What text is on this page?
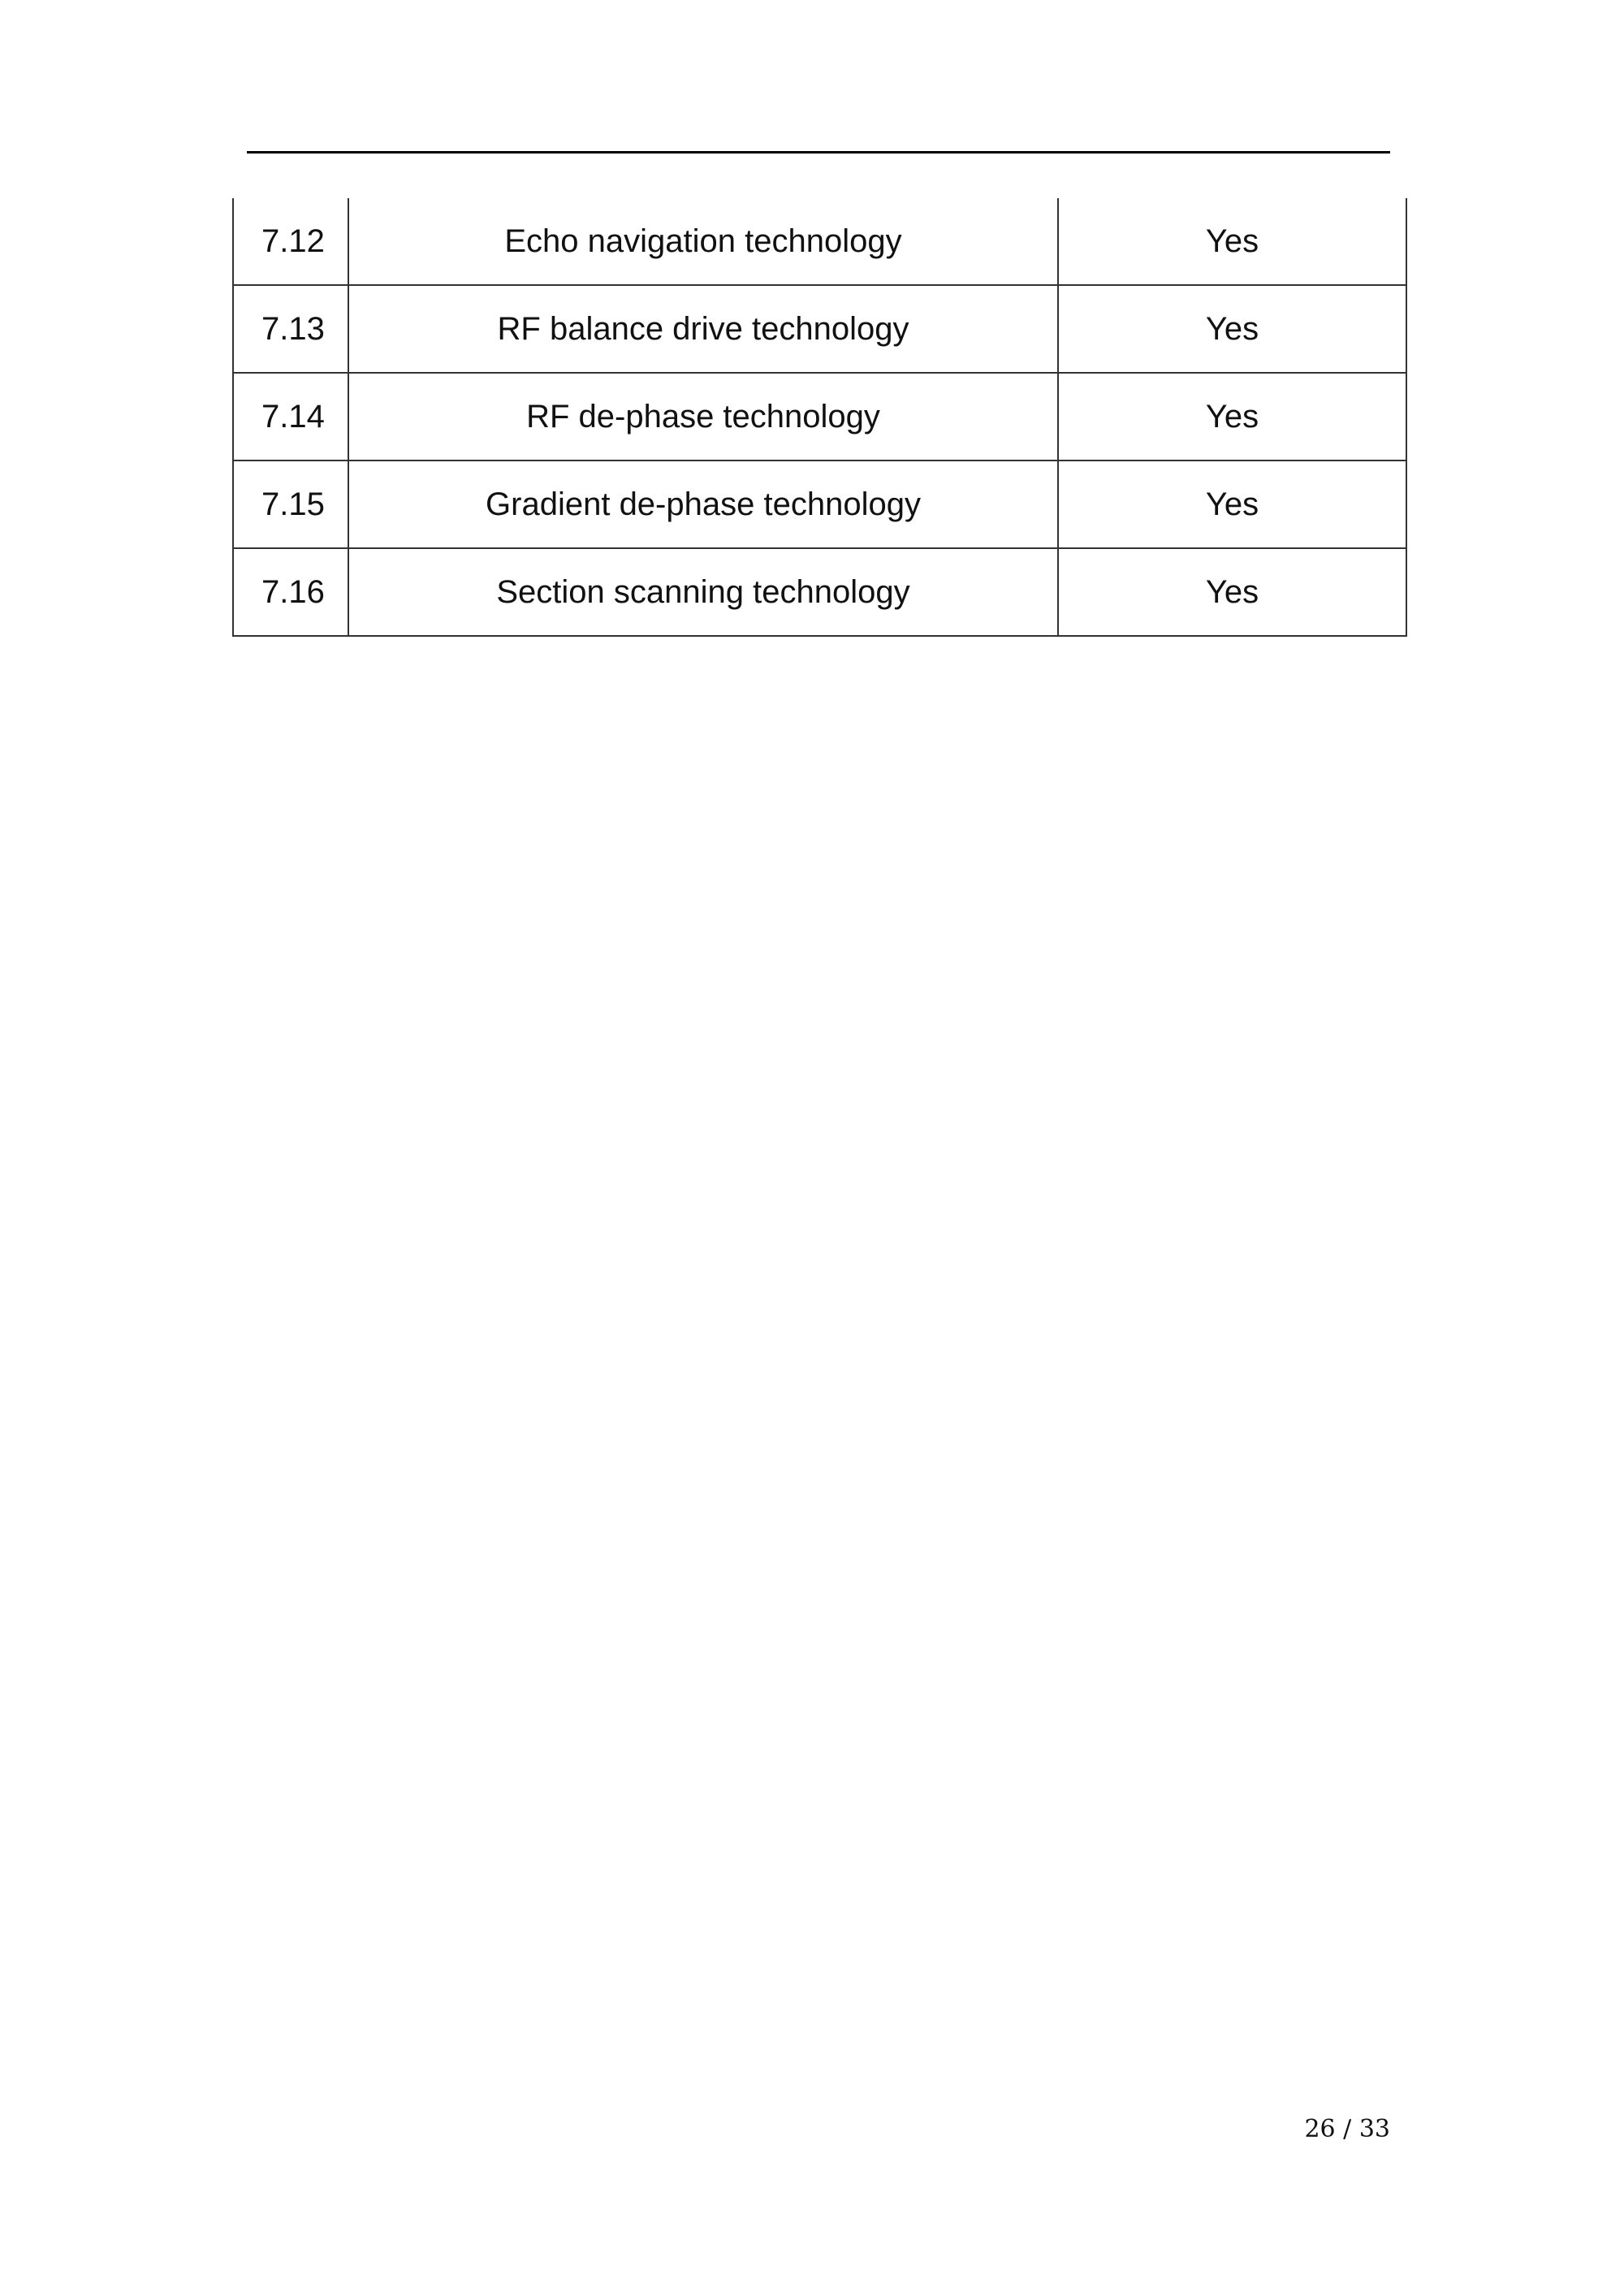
7.12	Echo navigation technology	Yes
7.13	RF balance drive technology	Yes
7.14	RF de-phase technology	Yes
7.15	Gradient de-phase technology	Yes
7.16	Section scanning technology	Yes
26 / 33
